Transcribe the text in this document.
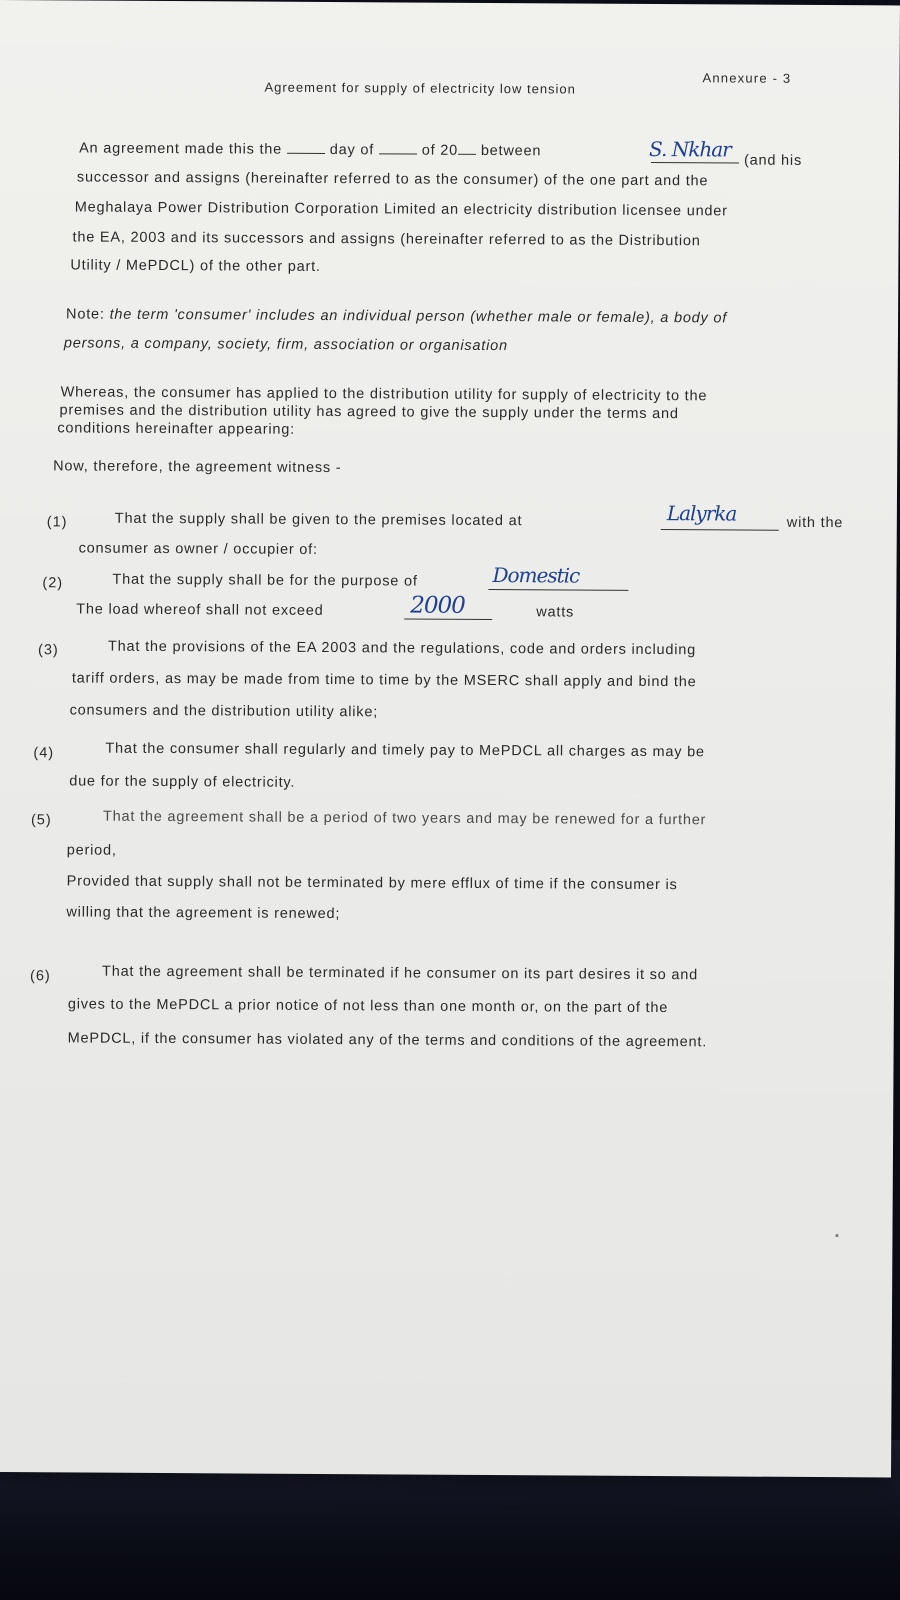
Annexure - 3
Agreement for supply of electricity low tension
An agreement made this the	day of	of 20 between	S. Nkhar (and his
successor and assigns (hereinafter referred to as the consumer) of the one part and the
Meghalaya Power Distribution Corporation Limited an electricity distribution licensee under
the EA, 2003 and its successors and assigns (hereinafter referred to as the Distribution
Utility / MePDCL) of the other part.
Note: the term 'consumer' includes an individual person (whether male or female), a body of
persons, a company, society, firm, association or organisation
Whereas, the consumer has applied to the distribution utility for supply of electricity to the
premises and the distribution utility has agreed to give the supply under the terms and
conditions hereinafter appearing:
Now, therefore, the agreement witness -
(1)	That the supply shall be given to the premises located at	Lalyrka	with the
consumer as owner / occupier of:
(2)	That the supply shall be for the purpose of	Domestic
The load whereof shall not exceed	2000	watts
(3)	That the provisions of the EA 2003 and the regulations, code and orders including
tariff orders, as may be made from time to time by the MSERC shall apply and bind the
consumers and the distribution utility alike;
(4)	That the consumer shall regularly and timely pay to MePDCL all charges as may be
due for the supply of electricity.
(5)	That the agreement shall be a period of two years and may be renewed for a further
period,
Provided that supply shall not be terminated by mere efflux of time if the consumer is
willing that the agreement is renewed;
(6)	That the agreement shall be terminated if he consumer on its part desires it so and
gives to the MePDCL a prior notice of not less than one month or, on the part of the
MePDCL, if the consumer has violated any of the terms and conditions of the agreement.
